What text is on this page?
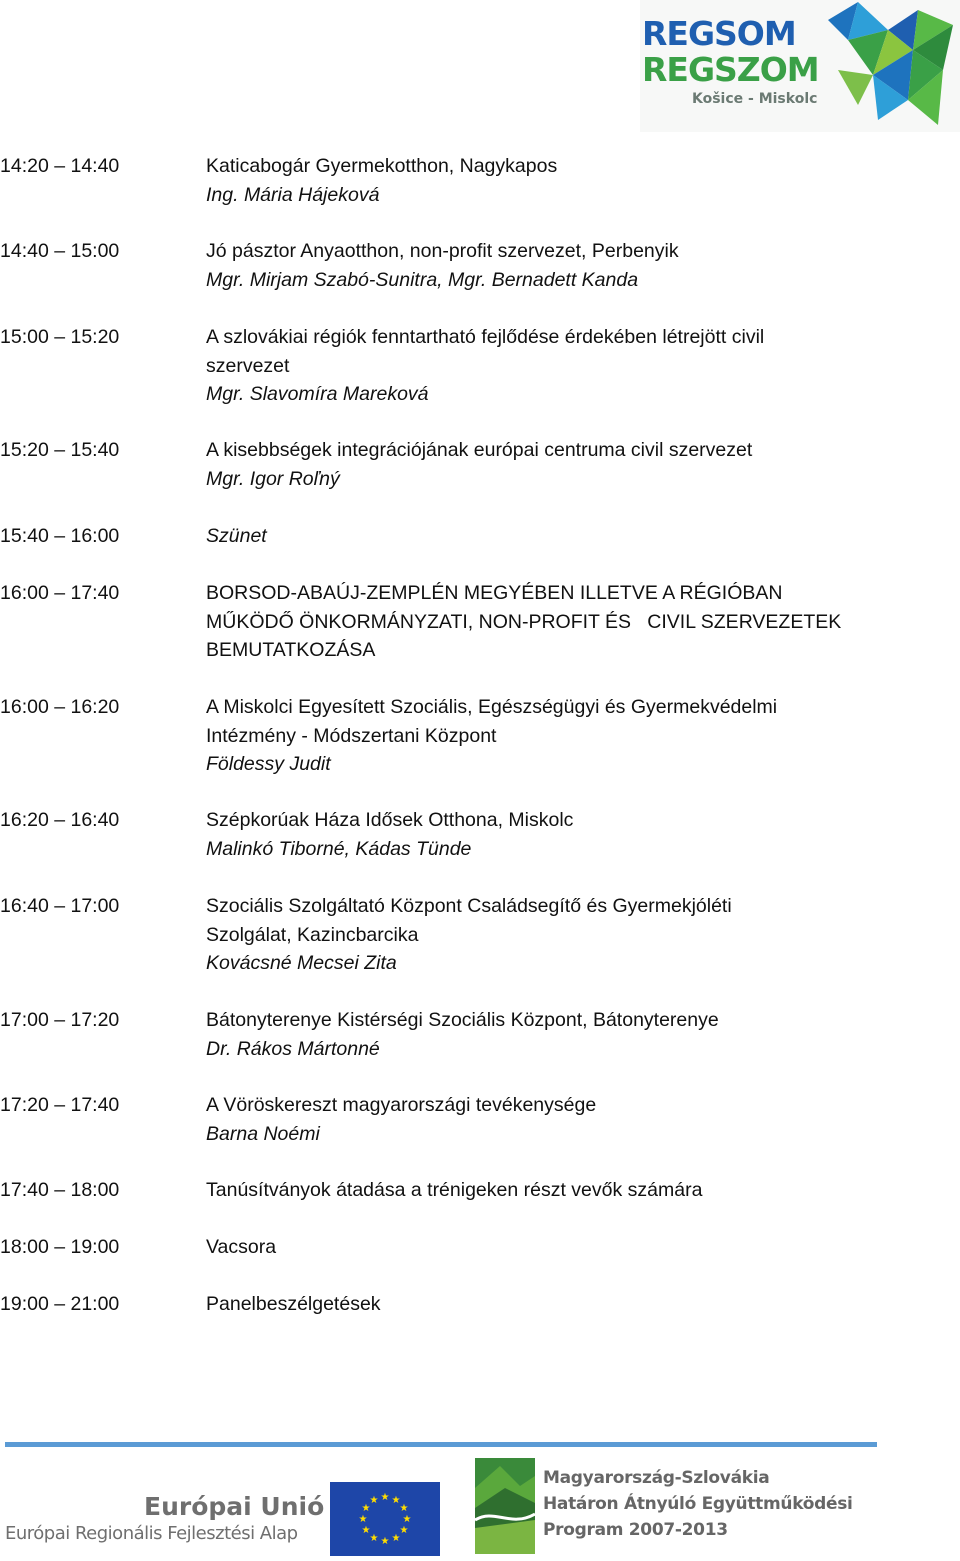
REGSOM
REGSZOM
Košice - Miskolc
14:20 – 14:40	Katicabogár Gyermekotthon, Nagykapos
Ing. Mária Hájeková
14:40 – 15:00	Jó pásztor Anyaotthon, non-profit szervezet, Perbenyik
Mgr. Mirjam Szabó-Sunitra, Mgr. Bernadett Kanda
15:00 – 15:20	A szlovákiai régiók fenntartható fejlődése érdekében létrejött civil
szervezet
Mgr. Slavomíra Mareková
15:20 – 15:40	A kisebbségek integrációjának európai centruma civil szervezet
Mgr. Igor Roľný
15:40 – 16:00	Szünet
16:00 – 17:40	BORSOD-ABAÚJ-ZEMPLÉN MEGYÉBEN ILLETVE A RÉGIÓBAN
MŰKÖDŐ ÖNKORMÁNYZATI, NON-PROFIT ÉS   CIVIL SZERVEZETEK
BEMUTATKOZÁSA
16:00 – 16:20	A Miskolci Egyesített Szociális, Egészségügyi és Gyermekvédelmi
Intézmény - Módszertani Központ
Földessy Judit
16:20 – 16:40	Szépkorúak Háza Idősek Otthona, Miskolc
Malinkó Tiborné, Kádas Tünde
16:40 – 17:00	Szociális Szolgáltató Központ Családsegítő és Gyermekjóléti
Szolgálat, Kazincbarcika
Kovácsné Mecsei Zita
17:00 – 17:20	Bátonyterenye Kistérségi Szociális Központ, Bátonyterenye
Dr. Rákos Mártonné
17:20 – 17:40	A Vöröskereszt magyarországi tevékenysége
Barna Noémi
17:40 – 18:00	Tanúsítványok átadása a trénigeken részt vevők számára
18:00 – 19:00	Vacsora
19:00 – 21:00	Panelbeszélgetések
Európai Unió
Európai Regionális Fejlesztési Alap
★ ★
★
★
★
★
★
★
★
★
★
★
Magyarország-Szlovákia
Határon Átnyúló Együttműködési
Program 2007-2013
